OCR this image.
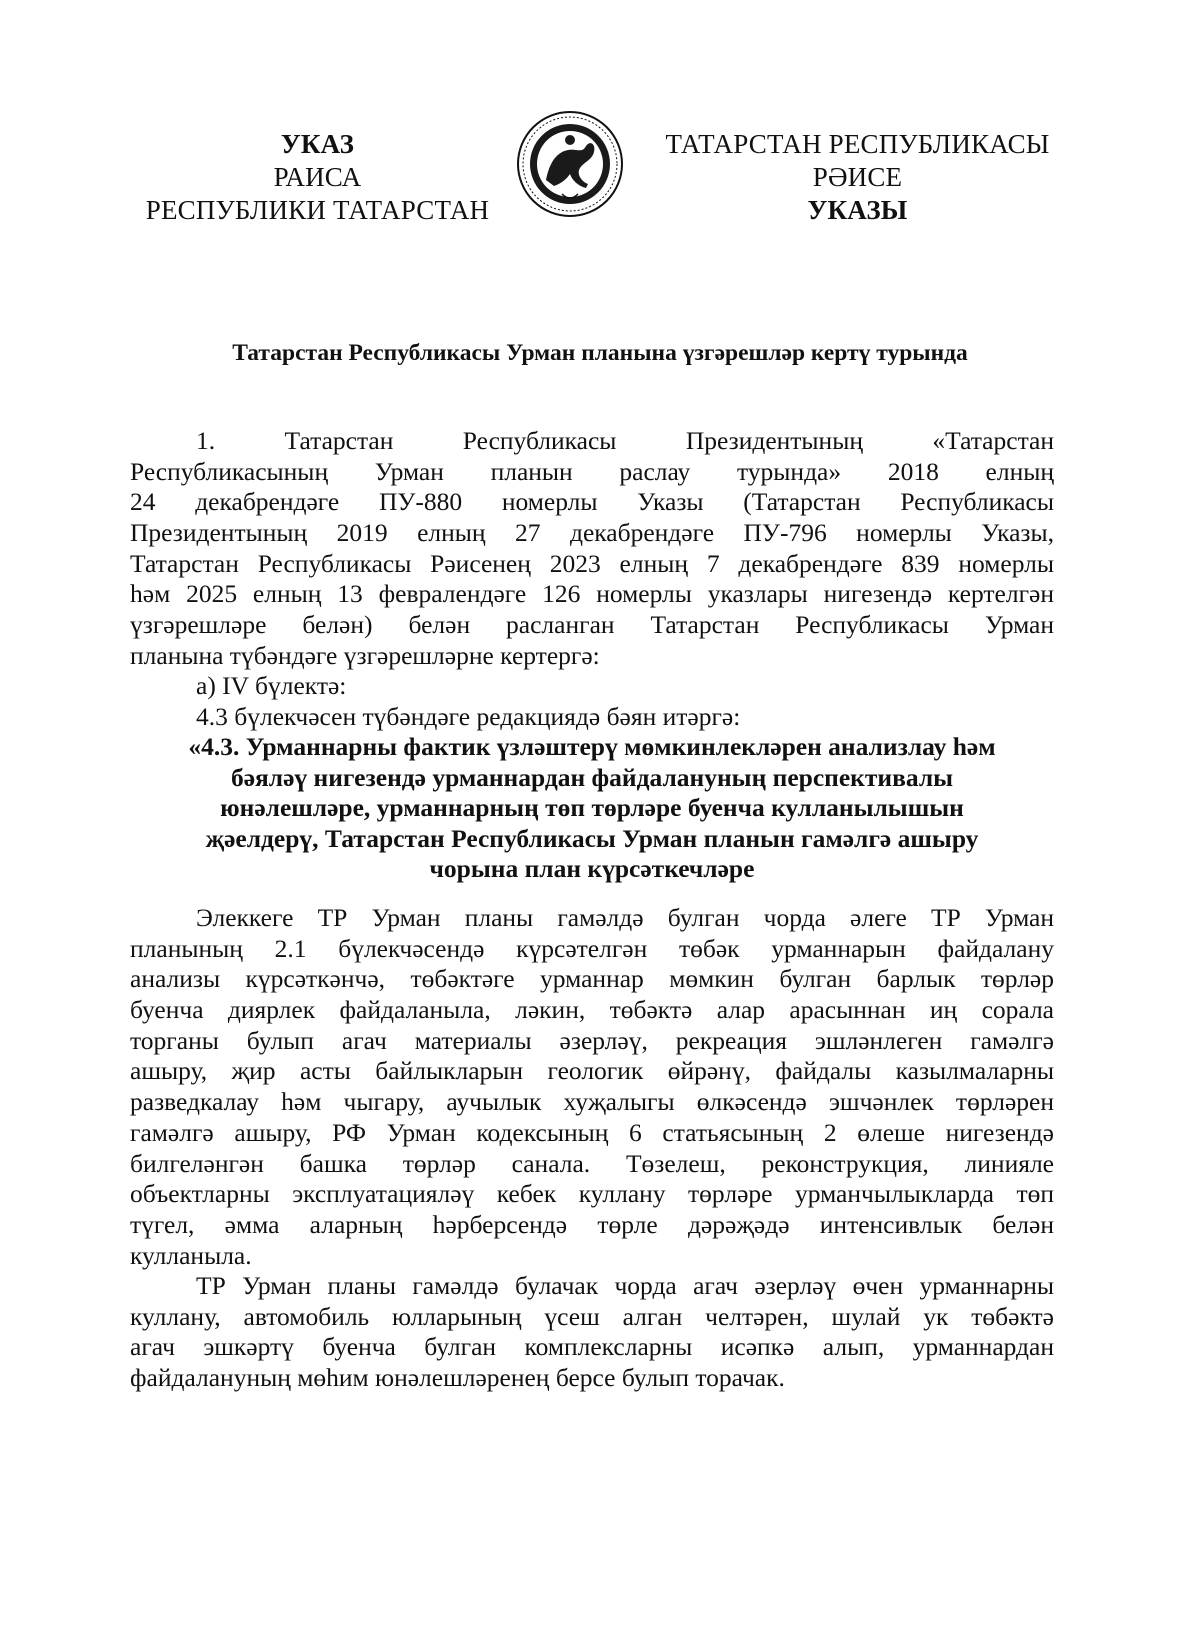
УКАЗ
РАИСА
РЕСПУБЛИКИ ТАТАРСТАН
ТАТАРСТАН РЕСПУБЛИКАСЫ
РӘИСЕ
УКАЗЫ
Татарстан Республикасы Урман планына үзгәрешләр кертү турында
1. Татарстан Республикасы Президентының «Татарстан
Республикасының Урман планын раслау турында» 2018 елның
24 декабрендәге ПУ-880 номерлы Указы (Татарстан Республикасы
Президентының 2019 елның 27 декабрендәге ПУ-796 номерлы Указы,
Татарстан Республикасы Рәисенең 2023 елның 7 декабрендәге 839 номерлы
һәм 2025 елның 13 февралендәге 126 номерлы указлары нигезендә кертелгән
үзгәрешләре белән) белән расланган Татарстан Республикасы Урман
планына түбәндәге үзгәрешләрне кертергә:
а) IV бүлектә:
4.3 бүлекчәсен түбәндәге редакциядә бәян итәргә:
«4.3. Урманнарны фактик үзләштерү мөмкинлекләрен анализлау һәм
бәяләү нигезендә урманнардан файдалануның перспективалы
юнәлешләре, урманнарның төп төрләре буенча кулланылышын
җәелдерү, Татарстан Республикасы Урман планын гамәлгә ашыру
чорына план күрсәткечләре
Элеккеге ТР Урман планы гамәлдә булган чорда әлеге ТР Урман
планының 2.1 бүлекчәсендә күрсәтелгән төбәк урманнарын файдалану
анализы күрсәткәнчә, төбәктәге урманнар мөмкин булган барлык төрләр
буенча диярлек файдаланыла, ләкин, төбәктә алар арасыннан иң сорала
торганы булып агач материалы әзерләү, рекреация эшләнлеген гамәлгә
ашыру, җир асты байлыкларын геологик өйрәнү, файдалы казылмаларны
разведкалау һәм чыгару, аучылык хуҗалыгы өлкәсендә эшчәнлек төрләрен
гамәлгә ашыру, РФ Урман кодексының 6 статьясының 2 өлеше нигезендә
билгеләнгән башка төрләр санала. Төзелеш, реконструкция, линияле
объектларны эксплуатацияләү кебек куллану төрләре урманчылыкларда төп
түгел, әмма аларның һәрберсендә төрле дәрәҗәдә интенсивлык белән
кулланыла.
ТР Урман планы гамәлдә булачак чорда агач әзерләү өчен урманнарны
куллану, автомобиль юлларының үсеш алган челтәрен, шулай ук төбәктә
агач эшкәртү буенча булган комплексларны исәпкә алып, урманнардан
файдалануның мөһим юнәлешләренең берсе булып торачак.
